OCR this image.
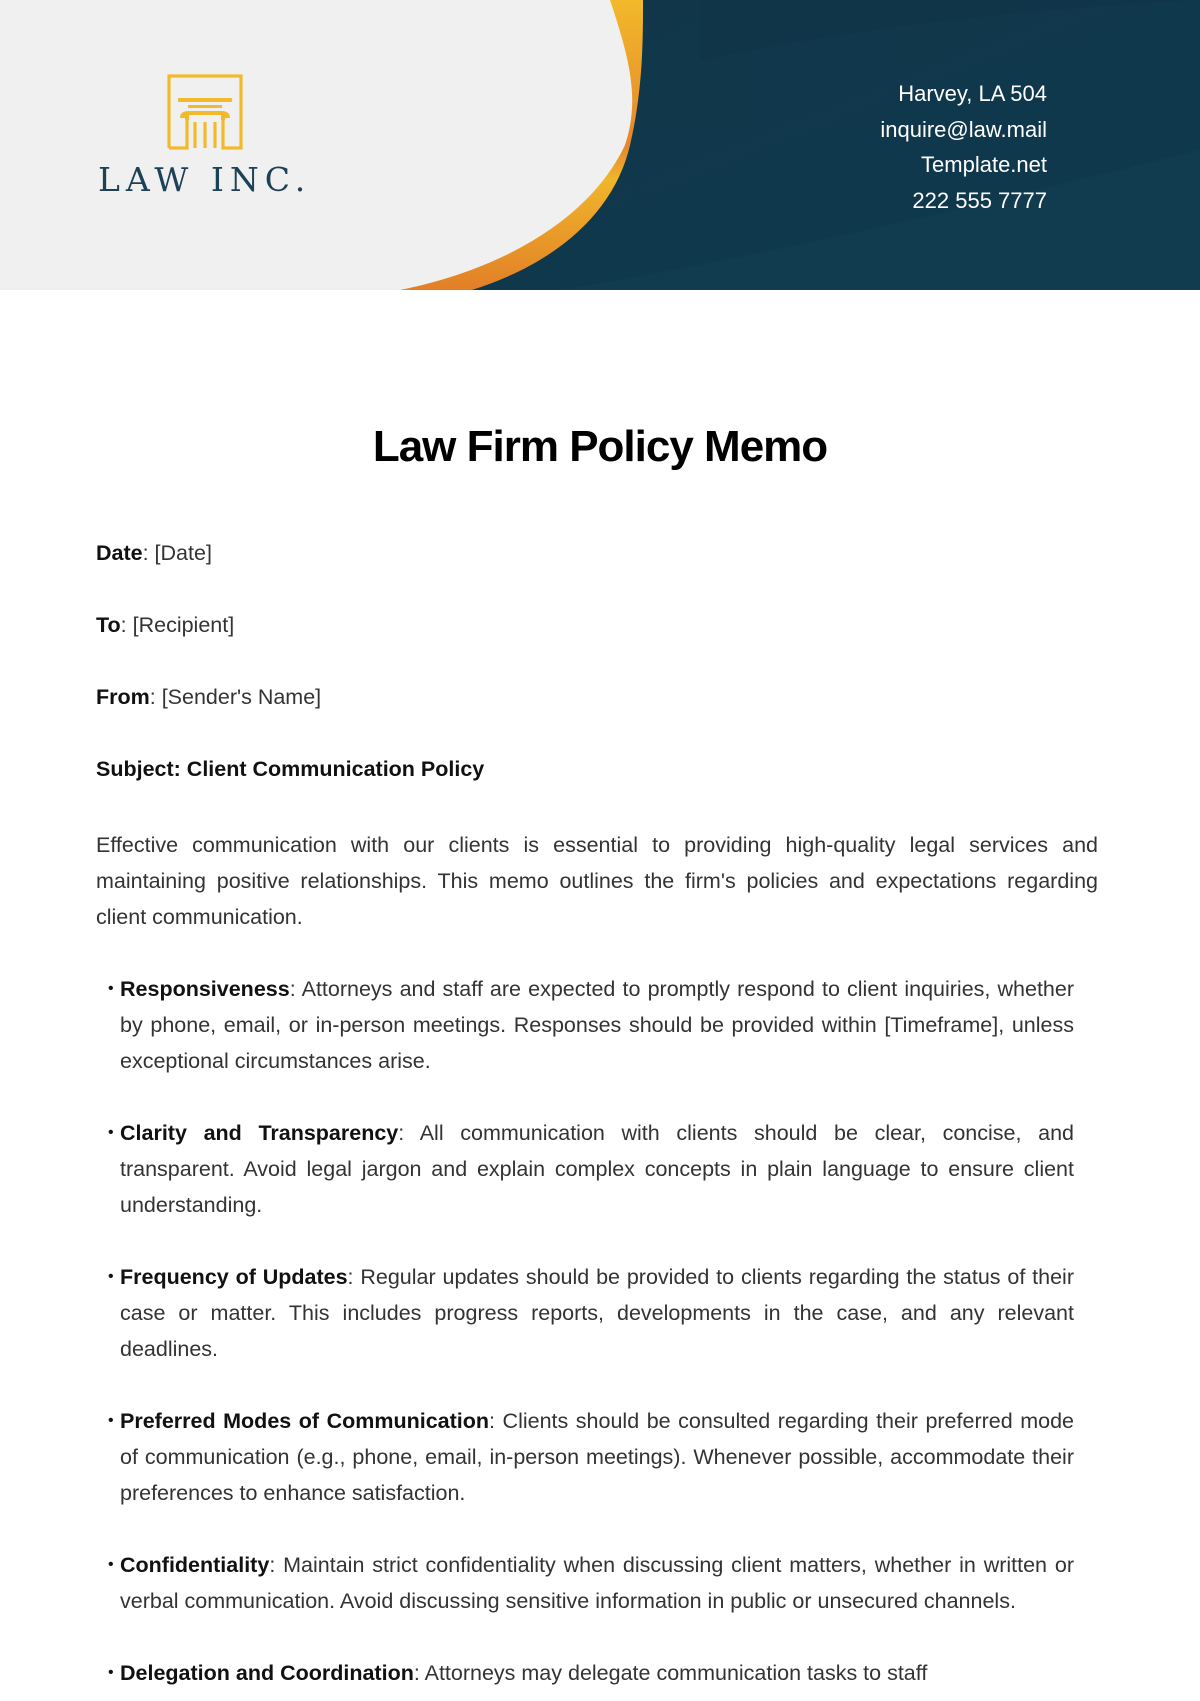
LAW INC.
Harvey, LA 504
inquire@law.mail
Template.net
222 555 7777
Law Firm Policy Memo
Date: [Date]
To: [Recipient]
From: [Sender's Name]
Subject: Client Communication Policy

Effective communication with our clients is essential to providing high-quality legal services and maintaining positive relationships. This memo outlines the firm's policies and expectations regarding client communication.

• Responsiveness: Attorneys and staff are expected to promptly respond to client inquiries, whether by phone, email, or in-person meetings. Responses should be provided within [Timeframe], unless exceptional circumstances arise.
• Clarity and Transparency: All communication with clients should be clear, concise, and transparent. Avoid legal jargon and explain complex concepts in plain language to ensure client understanding.
• Frequency of Updates: Regular updates should be provided to clients regarding the status of their case or matter. This includes progress reports, developments in the case, and any relevant deadlines.
• Preferred Modes of Communication: Clients should be consulted regarding their preferred mode of communication (e.g., phone, email, in-person meetings). Whenever possible, accommodate their preferences to enhance satisfaction.
• Confidentiality: Maintain strict confidentiality when discussing client matters, whether in written or verbal communication. Avoid discussing sensitive information in public or unsecured channels.
• Delegation and Coordination: Attorneys may delegate communication tasks to staff
